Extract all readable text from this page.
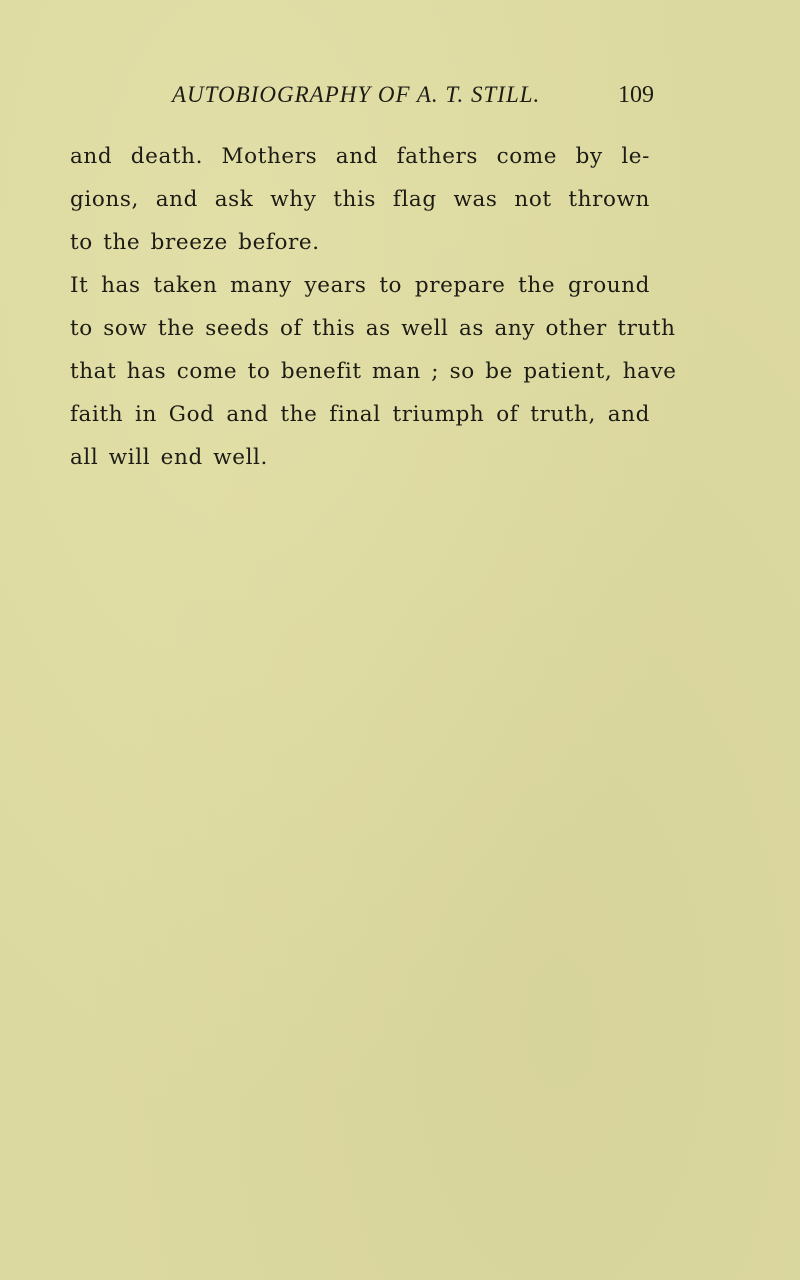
AUTOBIOGRAPHY OF A. T. STILL.	109
and death. Mothers and fathers come by le-
gions, and ask why this flag was not thrown
to the breeze before.
It has taken many years to prepare the ground
to sow the seeds of this as well as any other truth
that has come to benefit man ; so be patient, have
faith in God and the final triumph of truth, and
all will end well.
